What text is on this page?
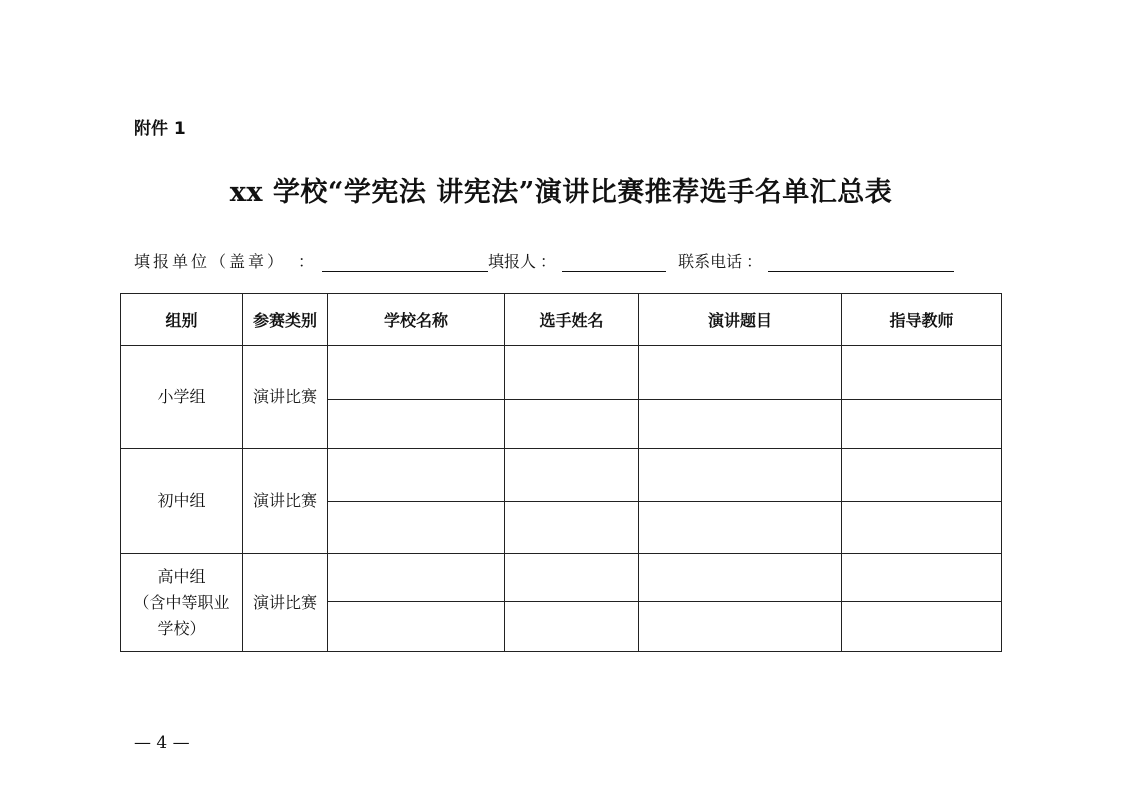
附件 1
xx 学校“学宪法 讲宪法”演讲比赛推荐选手名单汇总表
填报单位（盖章） ：	填报人 ：	联系电话 ：
组别	参赛类别	学校名称	选手姓名	演讲题目	指导教师
小学组	演讲比赛				

初中组	演讲比赛				

高中组
（含中等职业
学校）	演讲比赛				

— 4 —
